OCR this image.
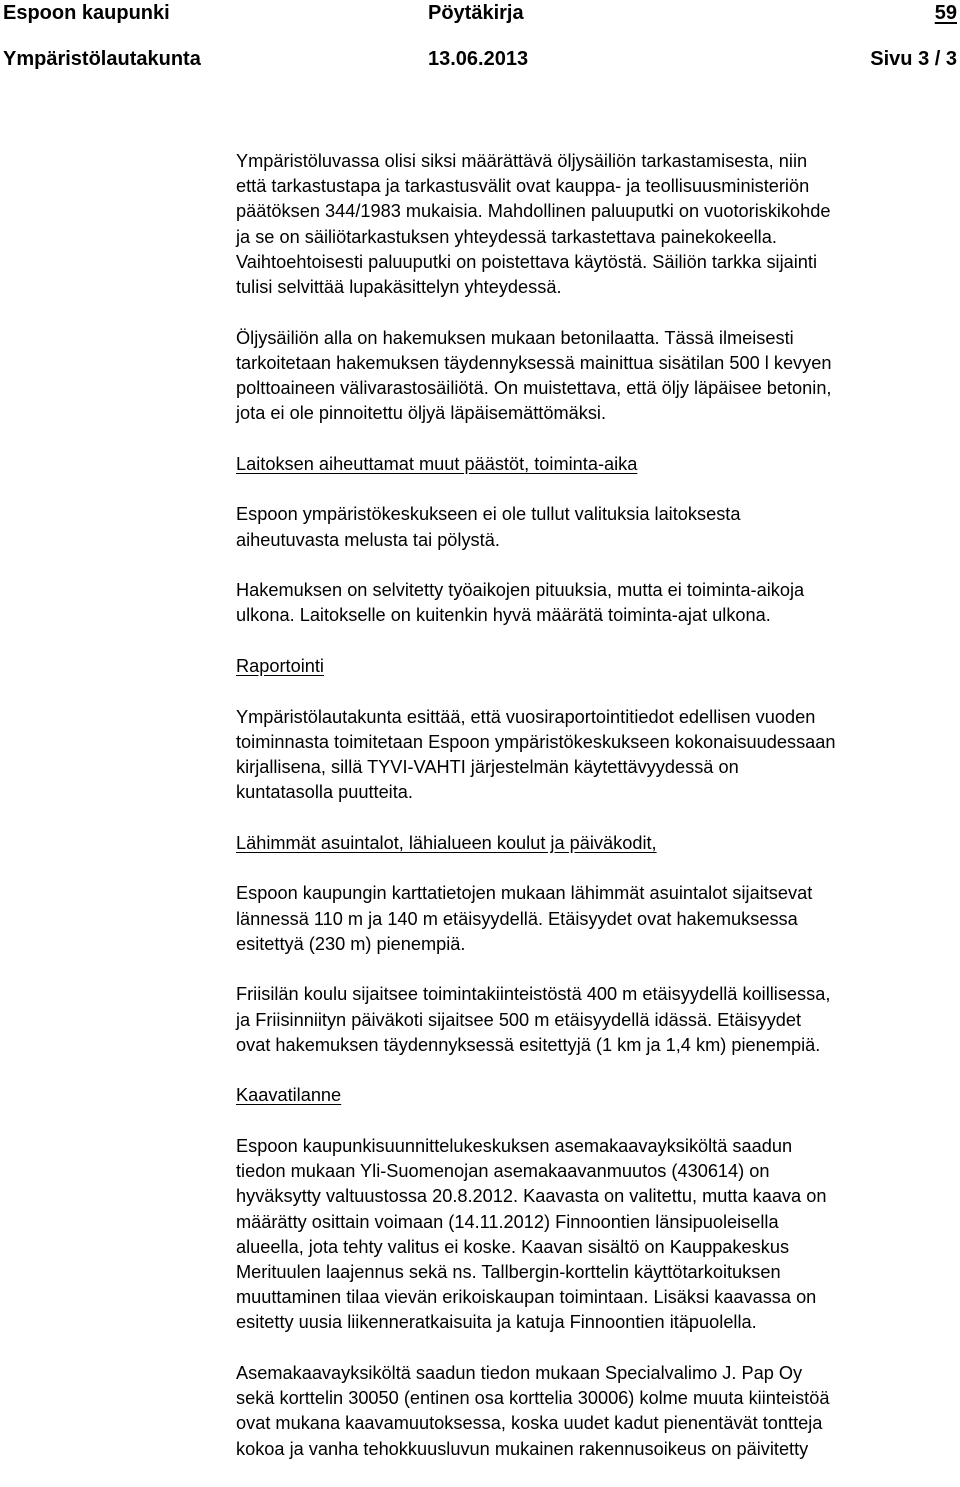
Espoon kaupunki	Pöytäkirja	59
Ympäristölautakunta	13.06.2013	Sivu 3 / 3
Ympäristöluvassa olisi siksi määrättävä öljysäiliön tarkastamisesta, niin
että tarkastustapa ja tarkastusvälit ovat kauppa- ja teollisuusministeriön
päätöksen 344/1983 mukaisia. Mahdollinen paluuputki on vuotoriskikohde
ja se on säiliötarkastuksen yhteydessä tarkastettava painekokeella.
Vaihtoehtoisesti paluuputki on poistettava käytöstä. Säiliön tarkka sijainti
tulisi selvittää lupakäsittelyn yhteydessä.
Öljysäiliön alla on hakemuksen mukaan betonilaatta. Tässä ilmeisesti
tarkoitetaan hakemuksen täydennyksessä mainittua sisätilan 500 l kevyen
polttoaineen välivarastosäiliötä. On muistettava, että öljy läpäisee betonin,
jota ei ole pinnoitettu öljyä läpäisemättömäksi.
Laitoksen aiheuttamat muut päästöt, toiminta-aika
Espoon ympäristökeskukseen ei ole tullut valituksia laitoksesta
aiheutuvasta melusta tai pölystä.
Hakemuksen on selvitetty työaikojen pituuksia, mutta ei toiminta-aikoja
ulkona. Laitokselle on kuitenkin hyvä määrätä toiminta-ajat ulkona.
Raportointi
Ympäristölautakunta esittää, että vuosiraportointitiedot edellisen vuoden
toiminnasta toimitetaan Espoon ympäristökeskukseen kokonaisuudessaan
kirjallisena, sillä TYVI-VAHTI järjestelmän käytettävyydessä on
kuntatasolla puutteita.
Lähimmät asuintalot, lähialueen koulut ja päiväkodit,
Espoon kaupungin karttatietojen mukaan lähimmät asuintalot sijaitsevat
lännessä 110 m ja 140 m etäisyydellä. Etäisyydet ovat hakemuksessa
esitettyä (230 m) pienempiä.
Friisilän koulu sijaitsee toimintakiinteistöstä 400 m etäisyydellä koillisessa,
ja Friisinniityn päiväkoti sijaitsee 500 m etäisyydellä idässä. Etäisyydet
ovat hakemuksen täydennyksessä esitettyjä (1 km ja 1,4 km) pienempiä.
Kaavatilanne
Espoon kaupunkisuunnittelukeskuksen asemakaavayksiköltä saadun
tiedon mukaan Yli-Suomenojan asemakaavanmuutos (430614) on
hyväksytty valtuustossa 20.8.2012. Kaavasta on valitettu, mutta kaava on
määrätty osittain voimaan (14.11.2012) Finnoontien länsipuoleisella
alueella, jota tehty valitus ei koske. Kaavan sisältö on Kauppakeskus
Merituulen laajennus sekä ns. Tallbergin-korttelin käyttötarkoituksen
muuttaminen tilaa vievän erikoiskaupan toimintaan. Lisäksi kaavassa on
esitetty uusia liikenneratkaisuita ja katuja Finnoontien itäpuolella.
Asemakaavayksiköltä saadun tiedon mukaan Specialvalimo J. Pap Oy
sekä korttelin 30050 (entinen osa korttelia 30006) kolme muuta kiinteistöä
ovat mukana kaavamuutoksessa, koska uudet kadut pienentävät tontteja
kokoa ja vanha tehokkuusluvun mukainen rakennusoikeus on päivitetty
